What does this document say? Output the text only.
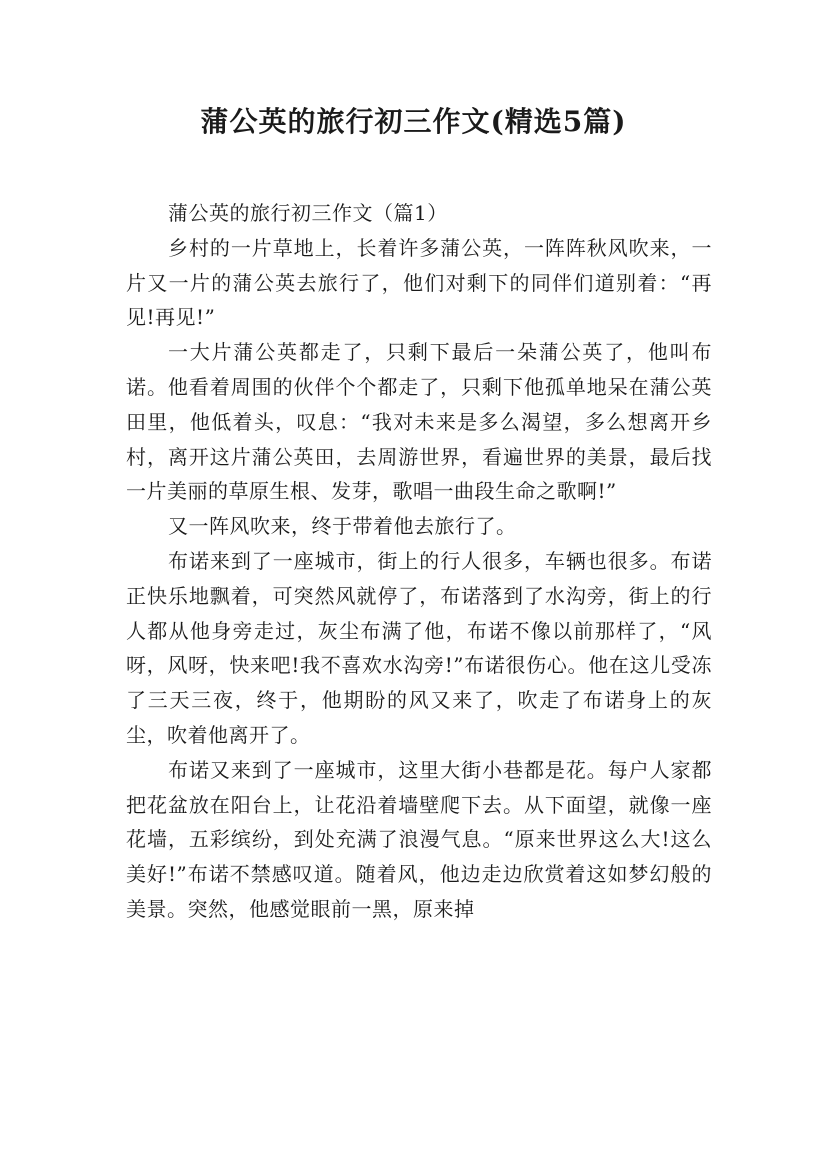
蒲公英的旅行初三作文(精选5篇)

蒲公英的旅行初三作文（篇1）

乡村的一片草地上，长着许多蒲公英，一阵阵秋风吹来，一片又一片的蒲公英去旅行了，他们对剩下的同伴们道别着：“再见!再见!”

一大片蒲公英都走了，只剩下最后一朵蒲公英了，他叫布诺。他看着周围的伙伴个个都走了，只剩下他孤单地呆在蒲公英田里，他低着头，叹息：“我对未来是多么渴望，多么想离开乡村，离开这片蒲公英田，去周游世界，看遍世界的美景，最后找一片美丽的草原生根、发芽，歌唱一曲段生命之歌啊!”

又一阵风吹来，终于带着他去旅行了。

布诺来到了一座城市，街上的行人很多，车辆也很多。布诺正快乐地飘着，可突然风就停了，布诺落到了水沟旁，街上的行人都从他身旁走过，灰尘布满了他，布诺不像以前那样了，“风呀，风呀，快来吧!我不喜欢水沟旁!”布诺很伤心。他在这儿受冻了三天三夜，终于，他期盼的风又来了，吹走了布诺身上的灰尘，吹着他离开了。

布诺又来到了一座城市，这里大街小巷都是花。每户人家都把花盆放在阳台上，让花沿着墙壁爬下去。从下面望，就像一座花墙，五彩缤纷，到处充满了浪漫气息。“原来世界这么大!这么美好!”布诺不禁感叹道。随着风，他边走边欣赏着这如梦幻般的美景。突然，他感觉眼前一黑，原来掉
